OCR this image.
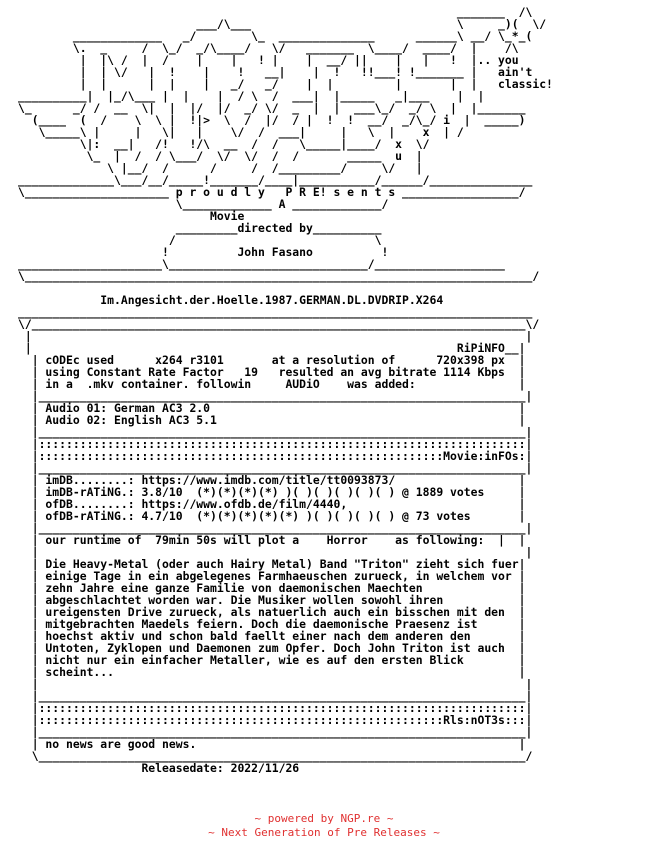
_______  /\
___/\___                              \     _)(  \/
_____________   _/        \_  ______________      ______\ __/ \_*_(
\.  _     /  \_/  _/\____/   \/   _______  \____/  ____/  |    /\
|  |\ /  |  /    |    |   ! |    |  __/ ||    |   |   !  |.. you
|  | \/   |  !    |    !   __|    |  !   !!___! !_______ |   ain't
|  |      |  |    |   _/   _/    |  |         |       |  |   classic!
__________|  |_/\___ |  |    |  / \  /  ___|  |_____   _|___    |  |
\_      _/ /  __  \|  |  |/  |/  _/ \/  _  |  |  ___\_/  _/ \  |  |_______
(____  (  /    \  \ |  !|>  \  /  |/  / |  !  !  __/  _/\_/ i  |  _____)
\_____\ |     |   \|   |    \/  /  ___|     |   \  |    x  | /
\|:  __|   /!   !/\  __  /  /   \_____|____/  x  \/
\_  |  /  / \___/  \/  \/  /  /       _____  u  |
\ |__/  /      /     /  /_________/     \/   |
______________\___/__/_____!_______/____|___________/______/_______________
\_____________________ p r o u d l y   P R E! s e n t s _________________/
\_____________ A _____________/
Movie
_________directed by__________
/                             \
!          John Fasano          !
_____________________\_____________________________/___________________
\__________________________________________________________________________/

Im.Angesicht.der.Hoelle.1987.GERMAN.DL.DVDRIP.X264
___________________________________________________________________________
\/________________________________________________________________________\/
|                                                                        |
|                                                              RiPiNFO__|
| cODEc used      x264 r3101       at a resolution of      720x398 px  |
| using Constant Rate Factor   19   resulted an avg bitrate 1114 Kbps  |
| in a  .mkv container. followin     AUDiO    was added:               |
|_______________________________________________________________________|
| Audio 01: German AC3 2.0                                             |
| Audio 02: English AC3 5.1                                            |
|_______________________________________________________________________|
|:::::::::::::::::::::::::::::::::::::::::::::::::::::::::::::::::::::::|
|:::::::::::::::::::::::::::::::::::::::::::::::::::::::::::Movie:inFOs:|
|_______________________________________________________________________|
| imDB........: https://www.imdb.com/title/tt0093873/                  |
| imDB-rATiNG.: 3.8/10  (*)(*)(*)(*) )( )( )( )( )( ) @ 1889 votes     |
| ofDB........: https://www.ofdb.de/film/4440,                         |
| ofDB-rATiNG.: 4.7/10  (*)(*)(*)(*)(*) )( )( )( )( ) @ 73 votes       |
|_______________________________________________________________________|
| our runtime of  79min 50s will plot a    Horror    as following:  |  |
|                                                                       |
| Die Heavy-Metal (oder auch Hairy Metal) Band "Triton" zieht sich fuer|
| einige Tage in ein abgelegenes Farmhaeuschen zurueck, in welchem vor |
| zehn Jahre eine ganze Familie von daemonischen Maechten              |
| abgeschlachtet worden war. Die Musiker wollen sowohl ihren           |
| ureigensten Drive zurueck, als natuerlich auch ein bisschen mit den  |
| mitgebrachten Maedels feiern. Doch die daemonische Praesenz ist      |
| hoechst aktiv und schon bald faellt einer nach dem anderen den       |
| Untoten, Zyklopen und Daemonen zum Opfer. Doch John Triton ist auch  |
| nicht nur ein einfacher Metaller, wie es auf den ersten Blick        |
| scheint...                                                           |
|                                                                       |
|_______________________________________________________________________|
|:::::::::::::::::::::::::::::::::::::::::::::::::::::::::::::::::::::::|
|:::::::::::::::::::::::::::::::::::::::::::::::::::::::::::Rls:nOT3s:::|
|_______________________________________________________________________|
| no news are good news.                                               |
\_______________________________________________________________________/
Releasedate: 2022/11/26
~ powered by NGP.re ~
~ Next Generation of Pre Releases ~
